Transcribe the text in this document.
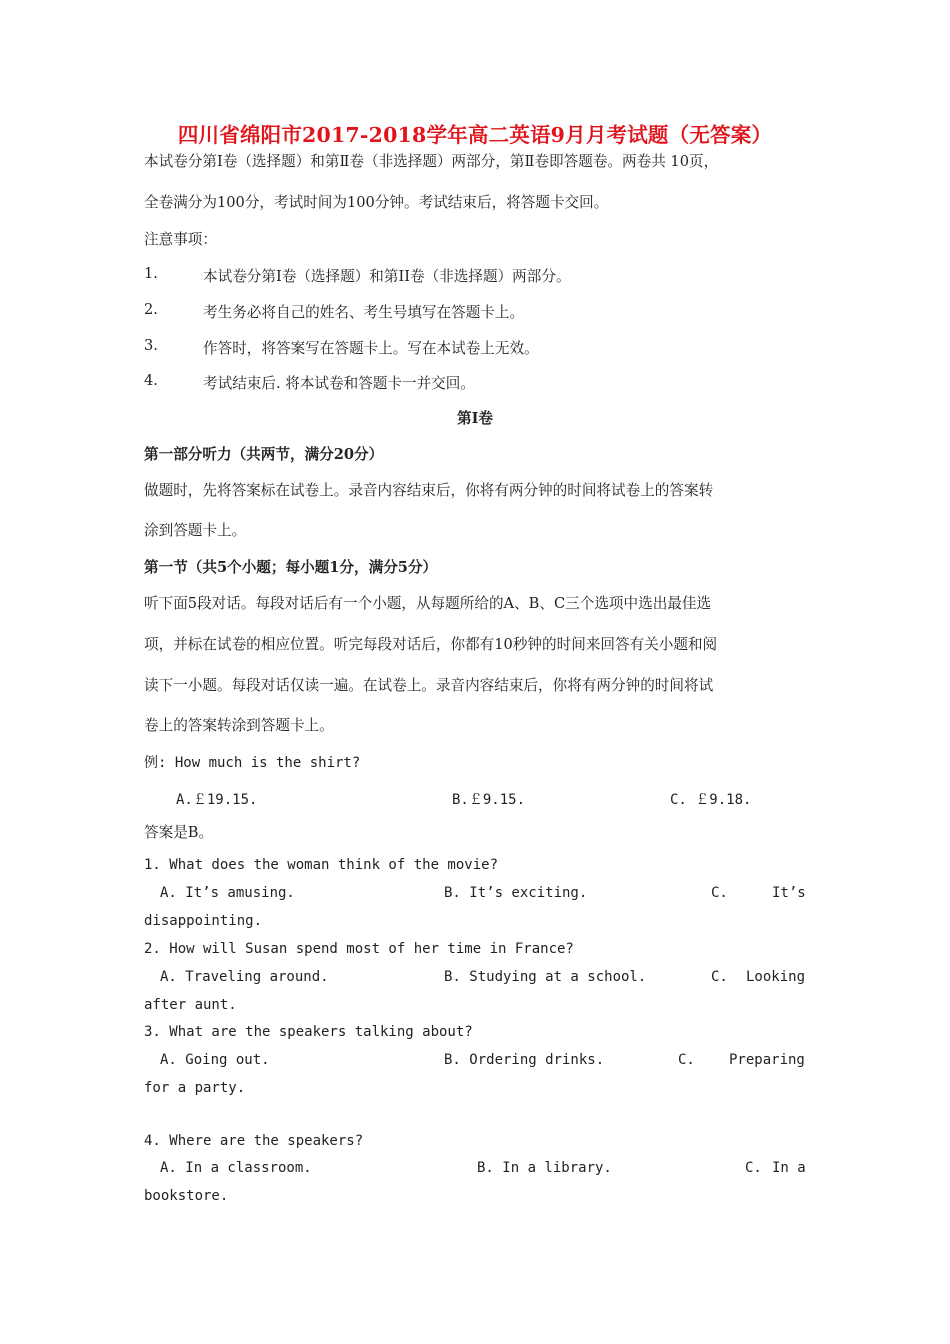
四川省绵阳市2017-2018学年高二英语9月月考试题（无答案）
本试卷分第Ⅰ卷（选择题）和第Ⅱ卷（非选择题）两部分，第Ⅱ卷即答题卷。两卷共 10页，
全卷满分为100分，考试时间为100分钟。考试结束后，将答题卡交回。
注意事项：
1.	本试卷分第I卷（选择题）和第II卷（非选择题）两部分。
2.	考生务必将自己的姓名、考生号填写在答题卡上。
3.	作答时，将答案写在答题卡上。写在本试卷上无效。
4.	考试结束后. 将本试卷和答题卡一并交回。
第Ⅰ卷
第一部分听力（共两节，满分20分）
做题时，先将答案标在试卷上。录音内容结束后，你将有两分钟的时间将试卷上的答案转
涂到答题卡上。
第一节（共5个小题；每小题1分，满分5分）
听下面5段对话。每段对话后有一个小题，从每题所给的A、B、C三个选项中选出最佳选
项，并标在试卷的相应位置。听完每段对话后，你都有10秒钟的时间来回答有关小题和阅
读下一小题。每段对话仅读一遍。在试卷上。录音内容结束后，你将有两分钟的时间将试
卷上的答案转涂到答题卡上。
例: How much is the shirt?
A.￡19.15.	B.￡9.15.	C. ￡9.18.
答案是B。
1. What does the woman think of the movie?
A. It’s amusing.	B. It’s exciting.	C.	It’s
disappointing.
2. How will Susan spend most of her time in France?
A. Traveling around.	B. Studying at a school.	C. Looking
after aunt.
3. What are the speakers talking about?
A. Going out.	B. Ordering drinks.	C. Preparing
for a party.
4. Where are the speakers?
A. In a classroom.	B. In a library.	C. In a
bookstore.
